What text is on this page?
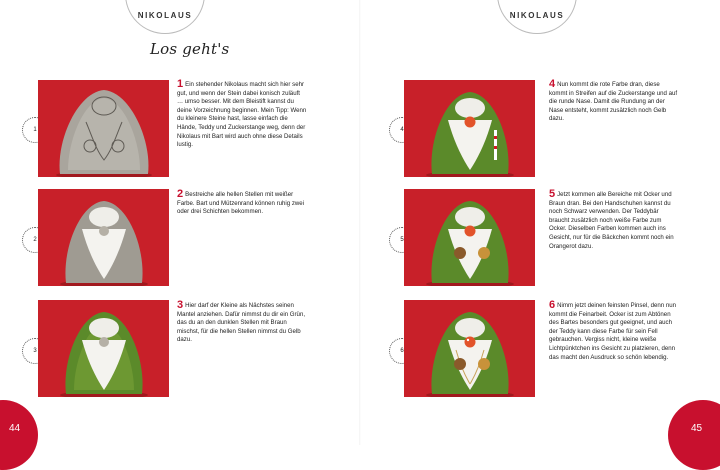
NIKOLAUS	NIKOLAUS
Los geht's
1

1 Ein stehender Nikolaus macht sich hier sehr gut, und wenn der Stein dabei konisch zuläuft … umso besser. Mit dem Bleistift kannst du deine Vorzeichnung beginnen. Mein Tipp: Wenn du kleinere Steine hast, lasse einfach die Hände, Teddy und Zuckerstange weg, denn der Nikolaus mit Bart wird auch ohne diese Details lustig.

2

2 Bestreiche alle hellen Stellen mit weißer Farbe. Bart und Mützenrand können ruhig zwei oder drei Schichten bekommen.

3

3 Hier darf der Kleine als Nächstes seinen Mantel anziehen. Dafür nimmst du dir ein Grün, das du an den dunklen Stellen mit Braun mischst, für die hellen Stellen nimmst du Gelb dazu.

4

4 Nun kommt die rote Farbe dran, diese kommt in Streifen auf die Zuckerstange und auf die runde Nase. Damit die Rundung an der Nase entsteht, kommt zusätzlich noch Gelb dazu.

5

5 Jetzt kommen alle Bereiche mit Ocker und Braun dran. Bei den Handschuhen kannst du noch Schwarz verwenden. Der Teddybär braucht zusätzlich noch weiße Farbe zum Ocker. Dieselben Farben kommen auch ins Gesicht, nur für die Bäckchen kommt noch ein Orangerot dazu.

6

6 Nimm jetzt deinen feinsten Pinsel, denn nun kommt die Feinarbeit. Ocker ist zum Abtönen des Bartes besonders gut geeignet, und auch der Teddy kann diese Farbe für sein Fell gebrauchen. Vergiss nicht, kleine weiße Lichtpünktchen ins Gesicht zu platzieren, denn das macht den Ausdruck so schön lebendig.

44	45
